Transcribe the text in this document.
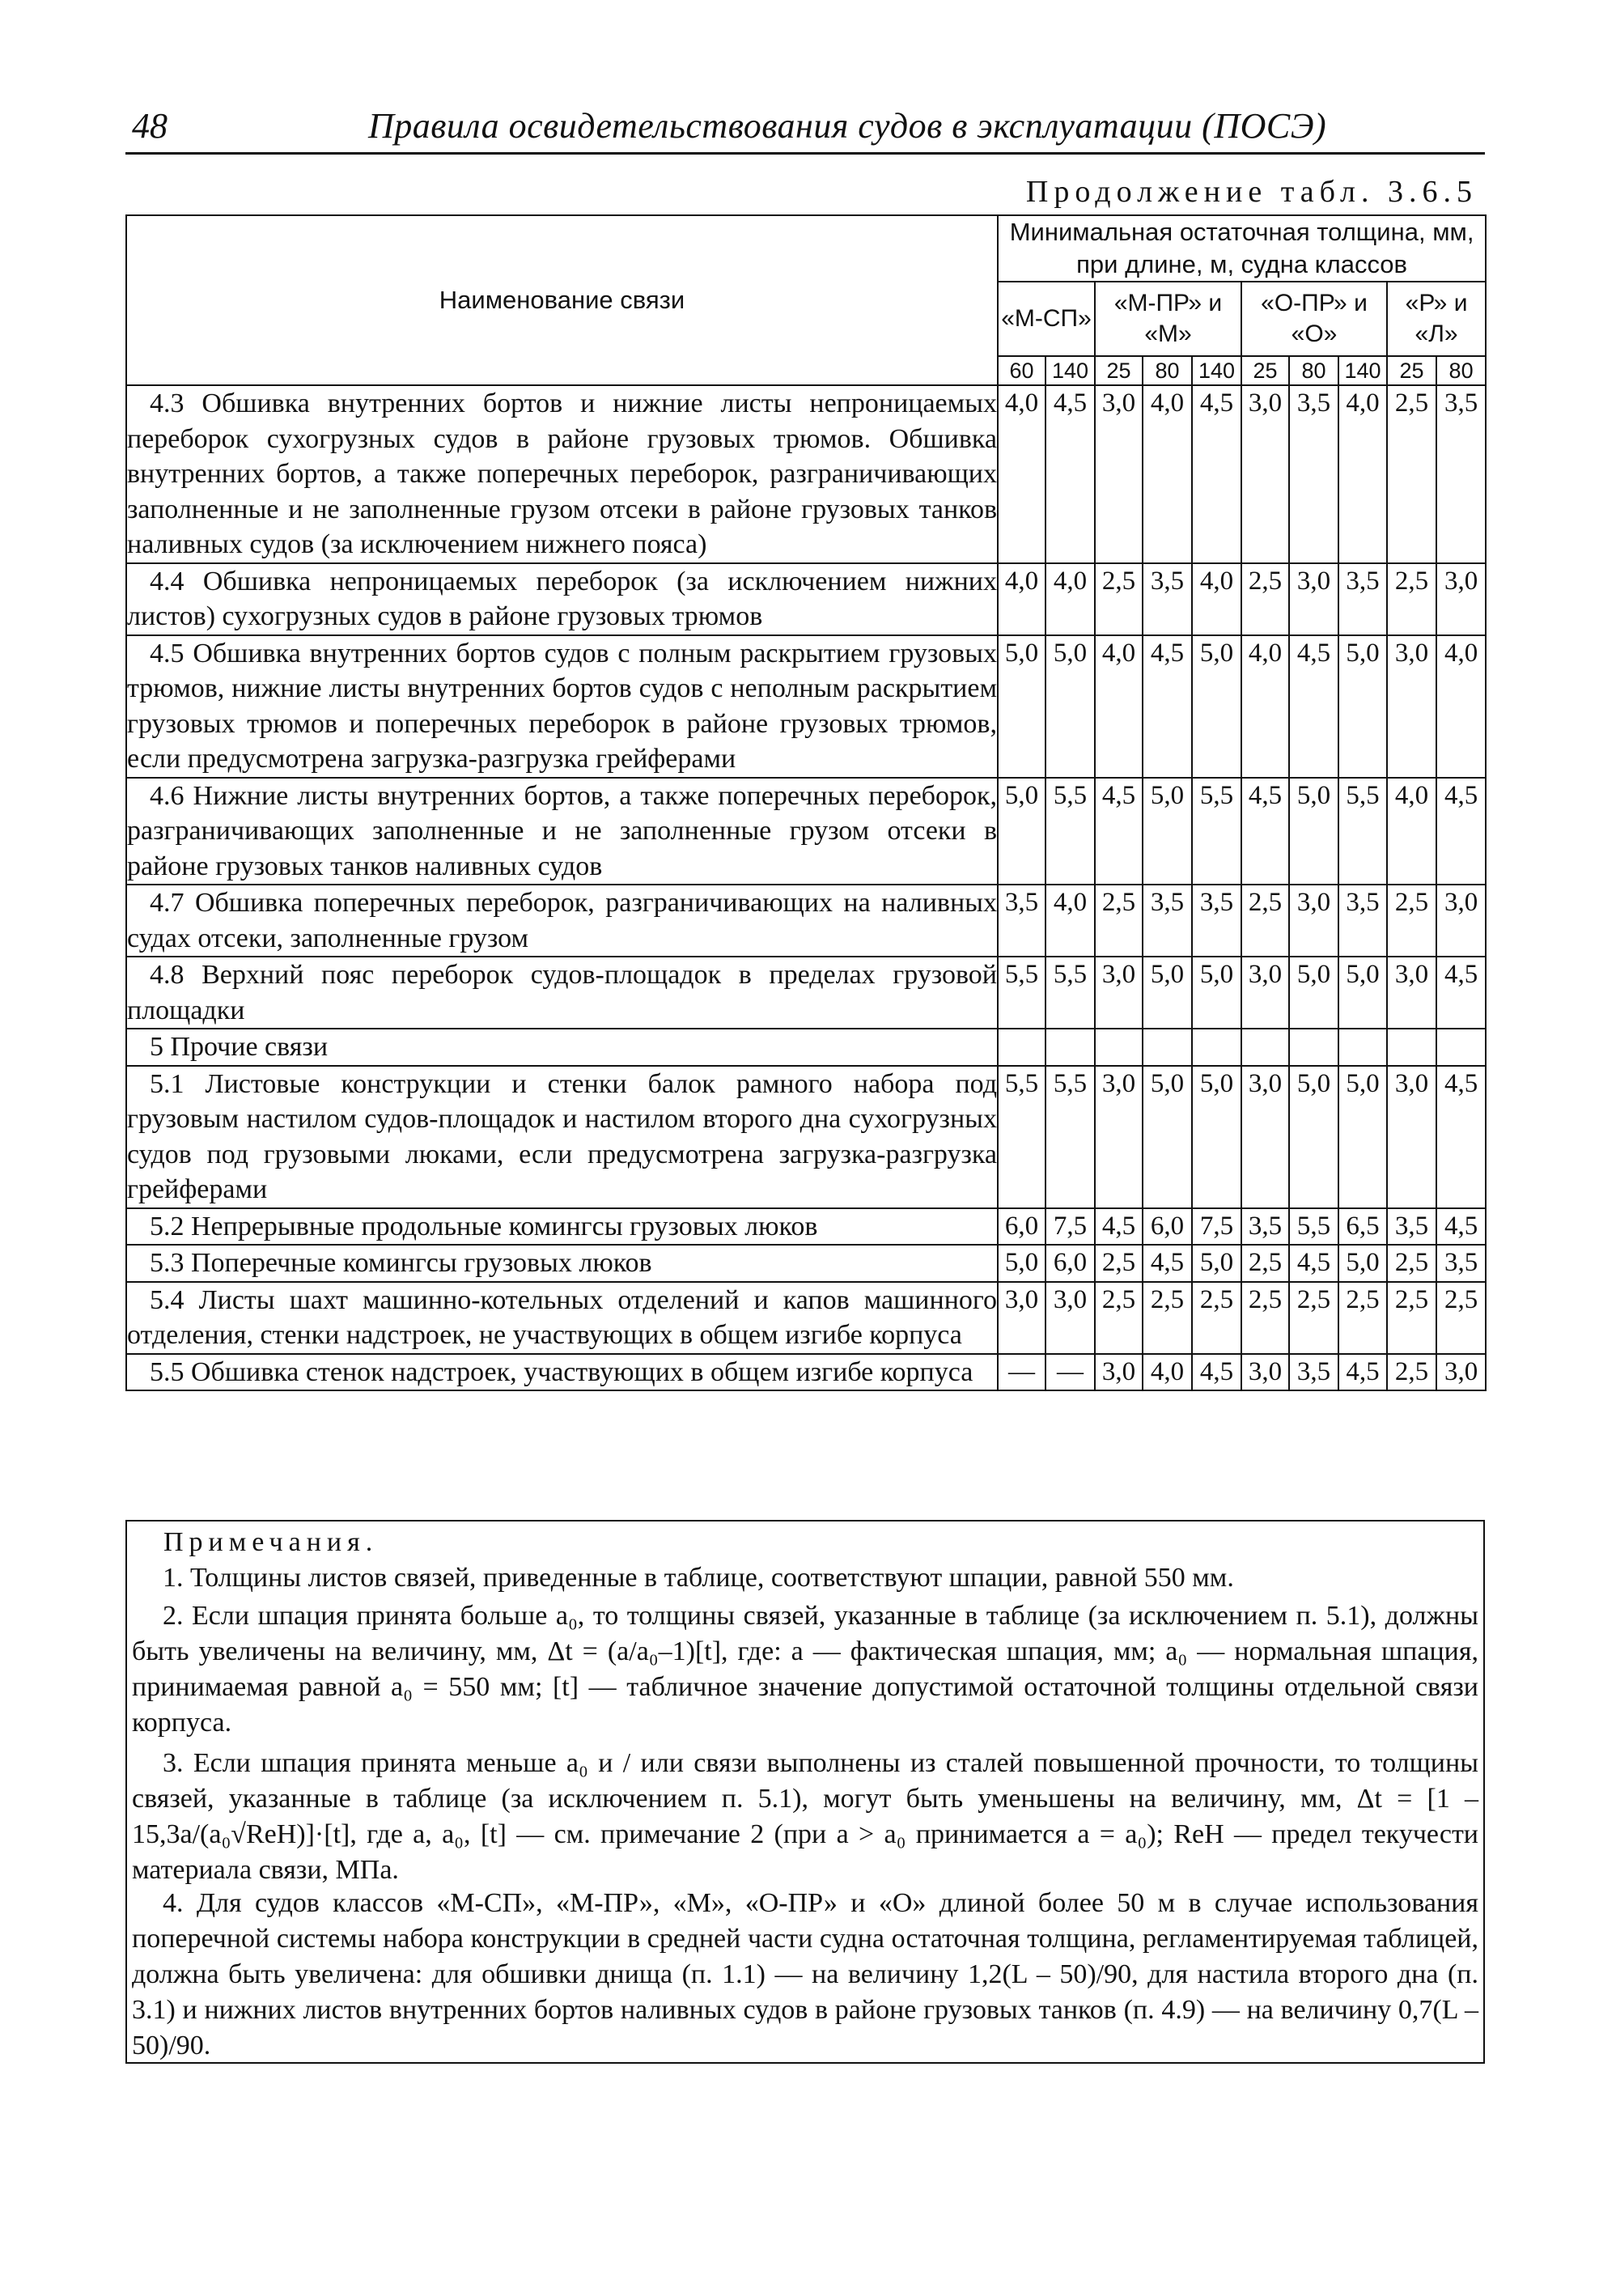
48	Правила освидетельствования судов в эксплуатации (ПОСЭ)
Продолжение табл. 3.6.5
Наименование связи	Минимальная остаточная толщина, мм, при длине, м, судна классов									
	«М-СП»		«М-ПР» и «М»			«О-ПР» и «О»			«Р» и «Л»	
	60	140	25	80	140	25	80	140	25	80

4.3 Обшивка внутренних бортов и нижние листы непроницаемых переборок сухогрузных судов в районе грузовых трюмов. Обшивка внутренних бортов, а также поперечных переборок, разграничивающих заполненные и не заполненные грузом отсеки в районе грузовых танков наливных судов (за исключением нижнего пояса)	4,0	4,5	3,0	4,0	4,5	3,0	3,5	4,0	2,5	3,5

4.4 Обшивка непроницаемых переборок (за исключением нижних листов) сухогрузных судов в районе грузовых трюмов	4,0	4,0	2,5	3,5	4,0	2,5	3,0	3,5	2,5	3,0

4.5 Обшивка внутренних бортов судов с полным раскрытием грузовых трюмов, нижние листы внутренних бортов судов с неполным раскрытием грузовых трюмов и поперечных переборок в районе грузовых трюмов, если предусмотрена загрузка-разгрузка грейферами	5,0	5,0	4,0	4,5	5,0	4,0	4,5	5,0	3,0	4,0

4.6 Нижние листы внутренних бортов, а также поперечных переборок, разграничивающих заполненные и не заполненные грузом отсеки в районе грузовых танков наливных судов	5,0	5,5	4,5	5,0	5,5	4,5	5,0	5,5	4,0	4,5

4.7 Обшивка поперечных переборок, разграничивающих на наливных судах отсеки, заполненные грузом	3,5	4,0	2,5	3,5	3,5	2,5	3,0	3,5	2,5	3,0

4.8 Верхний пояс переборок судов-площадок в пределах грузовой площадки	5,5	5,5	3,0	5,0	5,0	3,0	5,0	5,0	3,0	4,5

5 Прочие связи										

5.1 Листовые конструкции и стенки балок рамного набора под грузовым настилом судов-площадок и настилом второго дна сухогрузных судов под грузовыми люками, если предусмотрена загрузка-разгрузка грейферами	5,5	5,5	3,0	5,0	5,0	3,0	5,0	5,0	3,0	4,5

5.2 Непрерывные продольные комингсы грузовых люков	6,0	7,5	4,5	6,0	7,5	3,5	5,5	6,5	3,5	4,5

5.3 Поперечные комингсы грузовых люков	5,0	6,0	2,5	4,5	5,0	2,5	4,5	5,0	2,5	3,5

5.4 Листы шахт машинно-котельных отделений и капов машинного отделения, стенки надстроек, не участвующих в общем изгибе корпуса	3,0	3,0	2,5	2,5	2,5	2,5	2,5	2,5	2,5	2,5

5.5 Обшивка стенок надстроек, участвующих в общем изгибе корпуса	—	—	3,0	4,0	4,5	3,0	3,5	4,5	2,5	3,0
Примечания.
1. Толщины листов связей, приведенные в таблице, соответствуют шпации, равной 550 мм.
2. Если шпация принята больше a₀, то толщины связей, указанные в таблице (за исключением п. 5.1), должны быть увеличены на величину, мм, Δt = (a/a₀–1)[t], где: a — фактическая шпация, мм; a₀ — нормальная шпация, принимаемая равной a₀ = 550 мм; [t] — табличное значение допустимой остаточной толщины отдельной связи корпуса.
3. Если шпация принята меньше a₀ и / или связи выполнены из сталей повышенной прочности, то толщины связей, указанные в таблице (за исключением п. 5.1), могут быть уменьшены на величину, мм, Δt = [1 – 15,3a/(a₀√ReH)]·[t], где a, a₀, [t] — см. примечание 2 (при a > a₀ принимается a = a₀); ReH — предел текучести материала связи, МПа.
4. Для судов классов «М-СП», «М-ПР», «М», «О-ПР» и «О» длиной более 50 м в случае использования поперечной системы набора конструкции в средней части судна остаточная толщина, регламентируемая таблицей, должна быть увеличена: для обшивки днища (п. 1.1) — на величину 1,2(L – 50)/90, для настила второго дна (п. 3.1) и нижних листов внутренних бортов наливных судов в районе грузовых танков (п. 4.9) — на величину 0,7(L – 50)/90.
